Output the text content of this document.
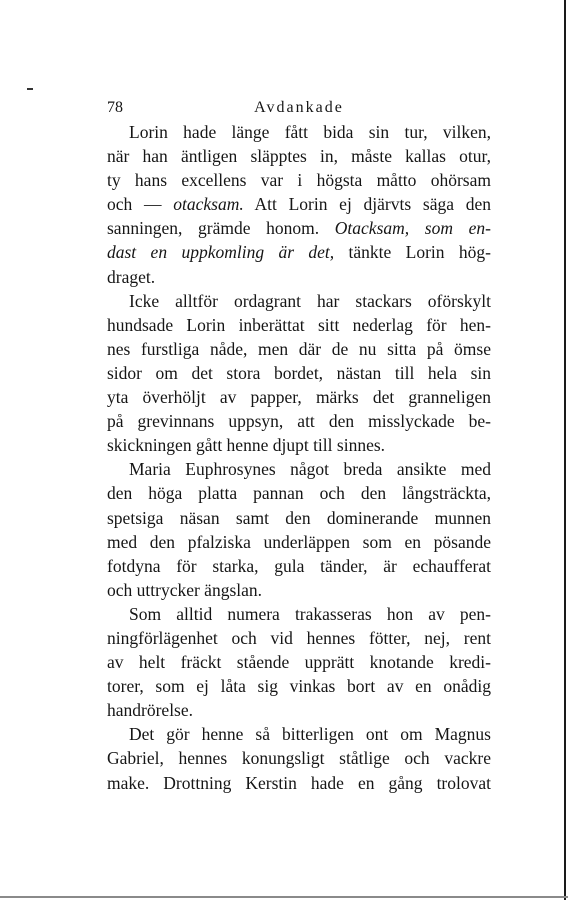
78	Avdankade
Lorin hade länge fått bida sin tur, vilken,
när han äntligen släpptes in, måste kallas otur,
ty hans excellens var i högsta måtto ohörsam
och — otacksam. Att Lorin ej djärvts säga den
sanningen, grämde honom. Otacksam, som en-
dast en uppkomling är det, tänkte Lorin hög-
draget.
Icke alltför ordagrant har stackars oförskylt
hundsade Lorin inberättat sitt nederlag för hen-
nes furstliga nåde, men där de nu sitta på ömse
sidor om det stora bordet, nästan till hela sin
yta överhöljt av papper, märks det granneligen
på grevinnans uppsyn, att den misslyckade be-
skickningen gått henne djupt till sinnes.
Maria Euphrosynes något breda ansikte med
den höga platta pannan och den långsträckta,
spetsiga näsan samt den dominerande munnen
med den pfalziska underläppen som en pösande
fotdyna för starka, gula tänder, är echaufferat
och uttrycker ängslan.
Som alltid numera trakasseras hon av pen-
ningförlägenhet och vid hennes fötter, nej, rent
av helt fräckt stående upprätt knotande kredi-
torer, som ej låta sig vinkas bort av en onådig
handrörelse.
Det gör henne så bitterligen ont om Magnus
Gabriel, hennes konungsligt ståtlige och vackre
make. Drottning Kerstin hade en gång trolovat
